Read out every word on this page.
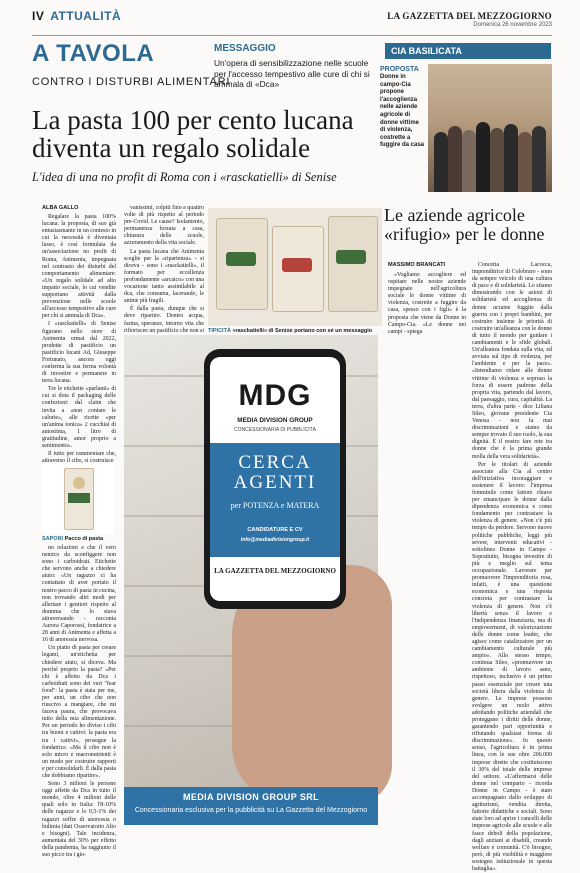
IV ATTUALITÀ	LA GAZZETTA DEL MEZZOGIORNO
Domenica 26 novembre 2023
A TAVOLA
CONTRO I DISTURBI ALIMENTARI
MESSAGGIO
Un'opera di sensibilizzazione nelle scuole per l'accesso tempestivo alle cure di chi si ammala di «Dca»
CIA BASILICATA
PROPOSTA
Donne in campo-Cia propone l'accoglienza nelle aziende agricole di donne vittime di violenza, costrette a fuggire da casa
La pasta 100 per cento lucana diventa un regalo solidale
L'idea di una no profit di Roma con i «rasckatielli» di Senise
ALBA GALLO

Regalare la pasta 100% lucana: la proposta, di suo già entusiasmante in un contesto in cui la necessità è diventata lusso, è così formulata da un'associazione no profit di Roma, Animenta, impegnata nel contrasto dei disturbi del comportamento alimentare: «Un regalo solidale ad alto impatto sociale, lo cui vendite supportano attività dalla prevenzione nelle scuole all'accesso tempestivo alle cure per chi si ammala di Dca».

I «rasckatielli» di Senise figurano nello store di Animenta ormai dal 2022, prodotte di pastificio un pastificio lucani Ad, Giuseppe Fortunato, ancora oggi conferma la sua ferma volontà di investire e permanere in terra lucana.

Tre le etichette «parlanti» di cui si dota il packaging delle confezioni: dal claim che invita a «non contare le calorie», alle ricette «per un'anima tonica» 2 cucchiai di autostima, 1 litro di gratitudine, amor proprio a sentimento».

Il tutto per rammentare che, attraverso il cibo, si costruisce

vanissimi, colpiti fino a quattro volte di più rispetto al periodo pre-Covid. Le cause? Isolamento, permanenza forzata a casa, chiusura delle scuole, azzeramento della vita sociale.

La pasta lucana che Animenta sceglie per la «ripartenza» - si diceva - sono i «rasckatielli», il formato per eccellenza profondamente «arcaico» con una vocazione tanto assimilabile al dca, che consuma, lacerando, le anime più fragili.

È dalla pasta, dunque che si deve ripartire. Dentro acqua, farina, speranze, intorno vita che rifioriscee un pastificio che non si TIPICITÀ «rasckatielli» di Senise portano con sé un messaggio
SAPORI Pacco di pasta

no relazioni e che il vero nemico da sconfiggere non sono i carboidrati. Etichette che servono anche a chiedere aiuto: «Un ragazzo ci ha contattato di aver portato il nostro pacco di pasta in cucina, non trovando altri modi per allertare i genitori rispetto al dramma che lo stava attraversando - racconta Aurora Caporossi, fondatrice a 28 anni di Animenta e affetta a 16 di anoressia nervosa.

Un piatto di pasta per creare legami, un'etichetta per chiedere aiuto, si diceva. Ma perché proprio la pasta? «Per chi è affetto da Dca i carboidrati sono dei veri "fear food": la pasta è stata per me, per anni, un cibo che non riuscivo a mangiare, che mi faceva paura, che provocava tutto della mia alimentazione. Per un periodo ho diviso i cibi tra buoni e cattivi: la pasta era tra i cattivi», prosegue la fondatrice. «Ma il cibo non è solo micro e macronutrienti è un modo per costruire rapporti e per consolidarli. È dalla pasta che dobbiamo ripartire».

Sono 3 milioni le persone oggi affette da Dca in tutto il mondo, oltre 4 milioni delle quali solo in Italia: l'8-10% delle ragazze e lo 0,5-1% dei ragazzi soffre di anoressia o bulimia (dati Osservatorio Alto e bisogni). Tale incidenza, aumentata del 30% per effetto della pandemia, ha raggiunto il suo picco tra i gio-

Le aziende agricole «rifugio» per le donne
MASSIMO BRANCATI

«Vogliamo accogliere ed ospitare nelle nostre aziende impegnate nell'agricoltura sociale le donne vittime di violenza, costrette a fuggire da casa, spesso con i figli» è la proposta che viene da Donne in Campo-Cia. «Le donne nei campi - spiega

Concetta Lacocca, imprenditrice di Colobraro - sono da sempre veicolo di una cultura di pace e di solidarietà. Lo stiamo dimostrando con le azioni di solidarietà ed accoglienza di donne ucraine fuggite dalla guerra con i propri bambini, per costruire insieme le priorità di costruire un'alleanza con le donne di tutto il mondo per guidare i cambiamenti e le sfide globali. Un'alleanza fondata sulla vita, ed avviata sul tipo di violenza, per l'ambiente e per la pace». «Intendiamo ridare alle donne vittime di violenza e sopruso la forza di essere padrone della propria vita, partendo dal lavoro, dal paesaggio, cura, capitalità. La terra, d'altra parte - dice Liliana Sileo, giovane presidente Cia Venosa - non fa mai discriminazioni e siamo da sempre trovato il suo ruolo, la sua dignità. È il nostro fare rete tra donne che è la prima grande molla della vera solidarietà».

Per le titolari di aziende associate alla Cia al centro dell'iniziativa incoraggiare e sostenere il lavoro: l'impresa femminile come fattore chiave per emancipare le donne dalla dipendenza economica e come fondamento per contrastare la violenza di genere. «Non c'è più tempo da perdere. Servono nuove politiche pubbliche, leggi più severe, interventi educativi - sottolinea Donne in Campo - Soprattutto, bisogna investire di più e meglio sul tema occupazionale. Lavorare per promuovere l'imprenditoria rosa, infatti, è una questione economica e una risposta concreta per contrastare la violenza di genere. Non c'è libertà senza il lavoro e l'indipendenza finanziaria, ma di empowerment, di valorizzazione delle donne come leader, che agisce come catalizzatore per un cambiamento culturale più ampio». Allo stesso tempo, continua Sileo, «promuovere un ambiente di lavoro sano, rispettoso, inclusivo è un primo passo essenziale per creare una società libera dalla violenza di genere. Le imprese possono svolgere un ruolo attivo adottando politiche aziendali che proteggano i diritti delle donne, garantendo pari opportunità e rifiutando qualsiasi forma di discriminazione». In questo senso, l'agricoltura è in prima linea, con le sue oltre 206.000 imprese dirette che costituiscono il 30% del totale delle imprese del settore. «L'affermarsi delle donne nel comparto - ricorda Donne in Campo - è stato accompagnato dallo sviluppo di agriturismi, vendita diretta, fattorie didattiche e sociali. Sono state loro ad aprire i cancelli delle imprese agricole alle scuole e alle fasce deboli della popolazione, dagli anziani ai disabili, creando welfare e comunità. C'è bisogno, però, di più visibilità e maggiore sostegno istituzionale in questa battaglia».

MDG
MEDIA DIVISION GROUP
CONCESSIONARIA DI PUBBLICITÀ
CERCA AGENTI
per POTENZA e MATERA
CANDIDATURE E CV
info@mediadivisiongroup.it
LA GAZZETTA DEL MEZZOGIORNO
MEDIA DIVISION GROUP SRL
Concessionaria esclusiva per la pubblicità su La Gazzetta del Mezzogiorno
